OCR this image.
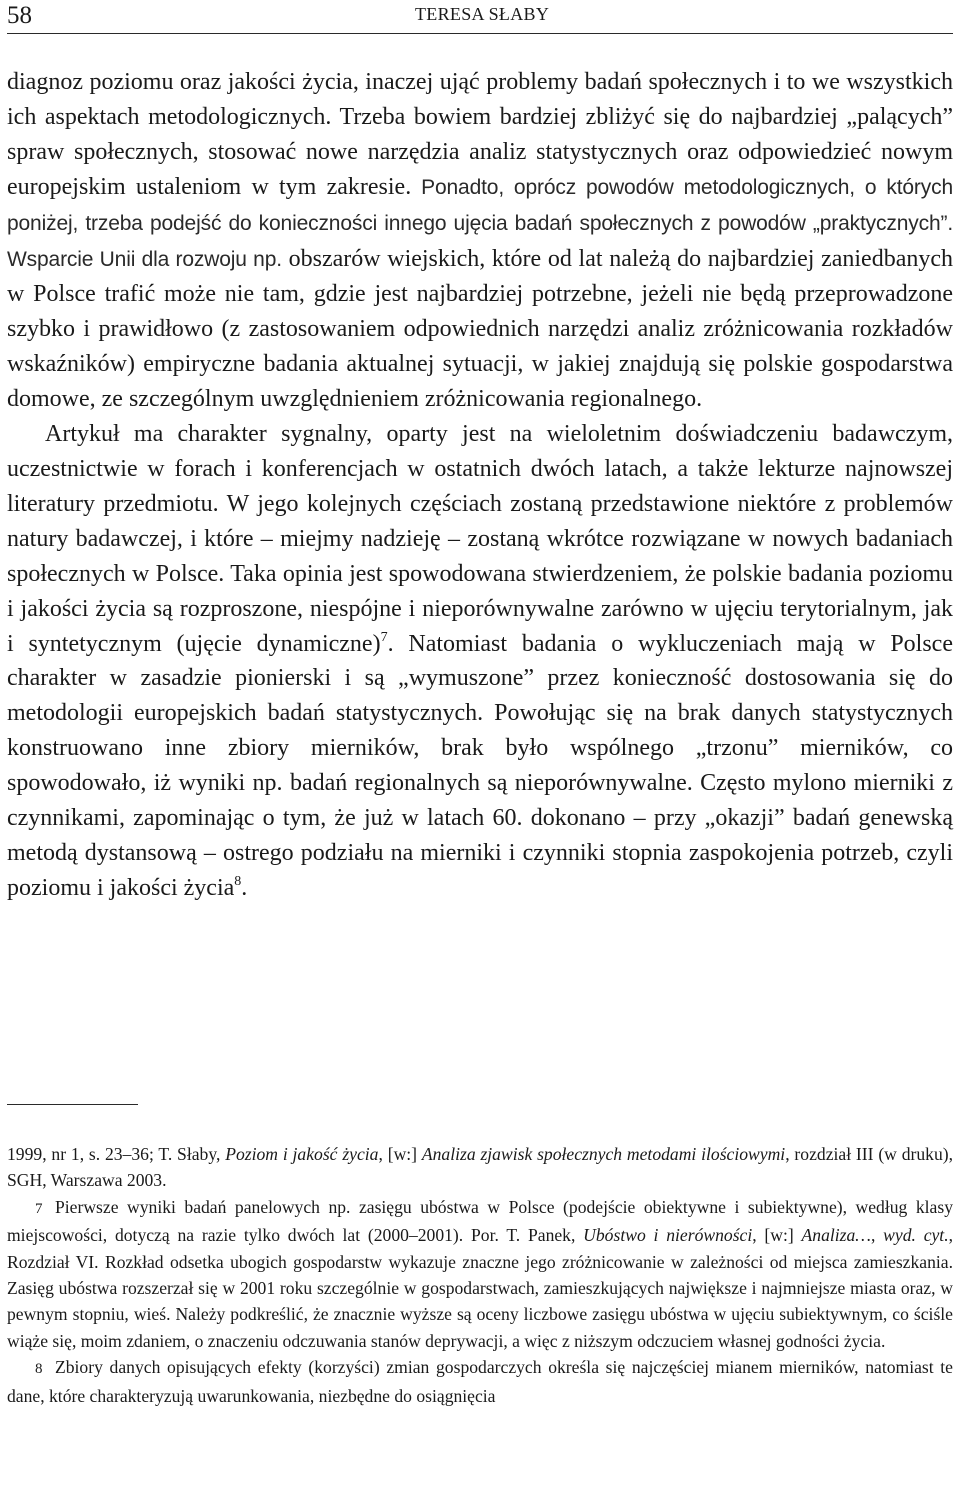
58	TERESA SŁABY

diagnoz poziomu oraz jakości życia, inaczej ująć problemy badań społecznych i to we wszystkich ich aspektach metodologicznych. Trzeba bowiem bardziej zbliżyć się do najbardziej „palących” spraw społecznych, stosować nowe narzędzia analiz statystycznych oraz odpowiedzieć nowym europejskim ustaleniom w tym zakresie. Ponadto, oprócz powodów metodologicznych, o których poniżej, trzeba podejść do konieczności innego ujęcia badań społecznych z powodów „praktycznych”. Wsparcie Unii dla rozwoju np. obszarów wiejskich, które od lat należą do najbardziej zaniedbanych w Polsce trafić może nie tam, gdzie jest najbardziej potrzebne, jeżeli nie będą przeprowadzone szybko i prawidłowo (z zastosowaniem odpowiednich narzędzi analiz zróżnicowania rozkładów wskaźników) empiryczne badania aktualnej sytuacji, w jakiej znajdują się polskie gospodarstwa domowe, ze szczególnym uwzględnieniem zróżnicowania regionalnego.

Artykuł ma charakter sygnalny, oparty jest na wieloletnim doświadczeniu badawczym, uczestnictwie w forach i konferencjach w ostatnich dwóch latach, a także lekturze najnowszej literatury przedmiotu. W jego kolejnych częściach zostaną przedstawione niektóre z problemów natury badawczej, i które – miejmy nadzieję – zostaną wkrótce rozwiązane w nowych badaniach społecznych w Polsce. Taka opinia jest spowodowana stwierdzeniem, że polskie badania poziomu i jakości życia są rozproszone, niespójne i nieporównywalne zarówno w ujęciu terytorialnym, jak i syntetycznym (ujęcie dynamiczne)$^7$. Natomiast badania o wykluczeniach mają w Polsce charakter w zasadzie pionierski i są „wymuszone” przez konieczność dostosowania się do metodologii europejskich badań statystycznych. Powołując się na brak danych statystycznych konstruowano inne zbiory mierników, brak było wspólnego „trzonu” mierników, co spowodowało, iż wyniki np. badań regionalnych są nieporównywalne. Często mylono mierniki z czynnikami, zapominając o tym, że już w latach 60. dokonano – przy „okazji” badań genewską metodą dystansową – ostrego podziału na mierniki i czynniki stopnia zaspokojenia potrzeb, czyli poziomu i jakości życia$^8$.

1999, nr 1, s. 23–36; T. Słaby, Poziom i jakość życia, [w:] Analiza zjawisk społecznych metodami ilościowymi, rozdział III (w druku), SGH, Warszawa 2003.

7 Pierwsze wyniki badań panelowych np. zasięgu ubóstwa w Polsce (podejście obiektywne i subiektywne), według klasy miejscowości, dotyczą na razie tylko dwóch lat (2000–2001). Por. T. Panek, Ubóstwo i nierówności, [w:] Analiza…, wyd. cyt., Rozdział VI. Rozkład odsetka ubogich gospodarstw wykazuje znaczne jego zróżnicowanie w zależności od miejsca zamieszkania. Zasięg ubóstwa rozszerzał się w 2001 roku szczególnie w gospodarstwach, zamieszkujących największe i najmniejsze miasta oraz, w pewnym stopniu, wieś. Należy podkreślić, że znacznie wyższe są oceny liczbowe zasięgu ubóstwa w ujęciu subiektywnym, co ściśle wiąże się, moim zdaniem, o znaczeniu odczuwania stanów deprywacji, a więc z niższym odczuciem własnej godności życia.

8 Zbiory danych opisujących efekty (korzyści) zmian gospodarczych określa się najczęściej mianem mierników, natomiast te dane, które charakteryzują uwarunkowania, niezbędne do osiągnięcia
